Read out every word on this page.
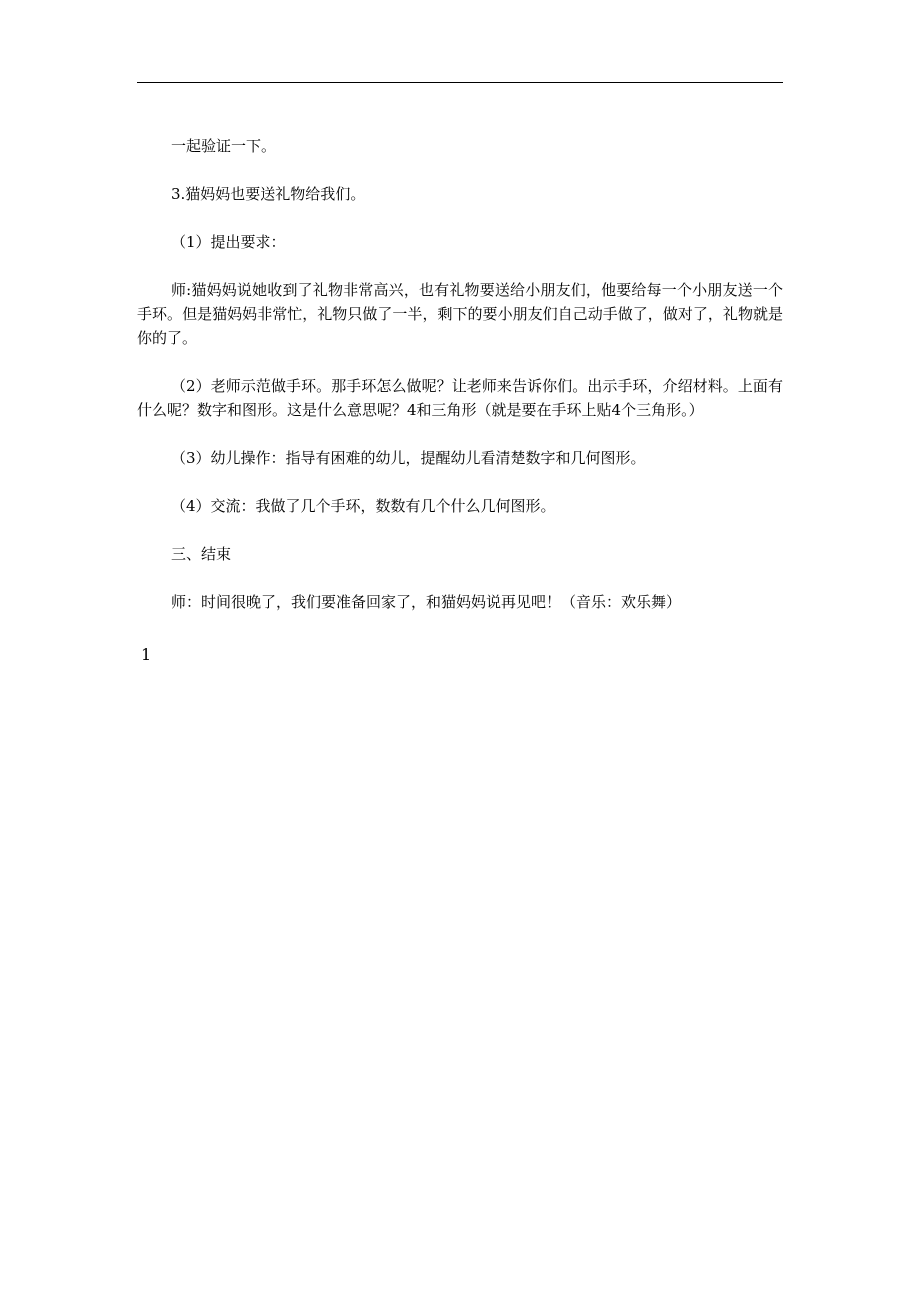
一起验证一下。

3.猫妈妈也要送礼物给我们。

（1）提出要求：

师:猫妈妈说她收到了礼物非常高兴，也有礼物要送给小朋友们，他要给每一个小朋友送一个手环。但是猫妈妈非常忙，礼物只做了一半，剩下的要小朋友们自己动手做了，做对了，礼物就是你的了。

（2）老师示范做手环。那手环怎么做呢？让老师来告诉你们。出示手环，介绍材料。上面有什么呢？数字和图形。这是什么意思呢？4和三角形（就是要在手环上贴4个三角形。）

（3）幼儿操作：指导有困难的幼儿，提醒幼儿看清楚数字和几何图形。

（4）交流：我做了几个手环，数数有几个什么几何图形。

三、结束

师：时间很晚了，我们要准备回家了，和猫妈妈说再见吧！（音乐：欢乐舞）

1
